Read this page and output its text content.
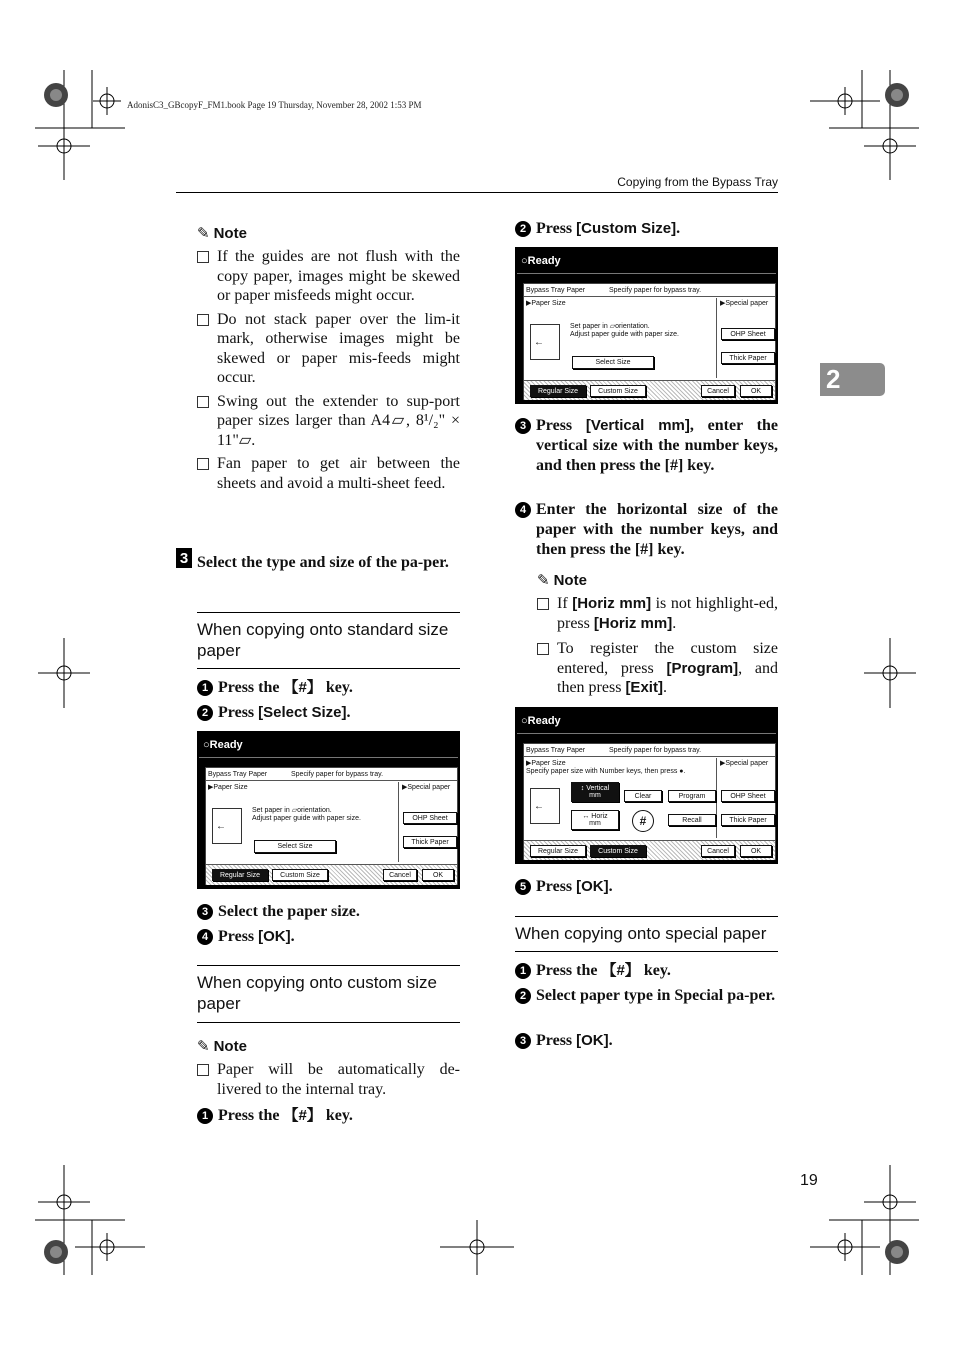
AdonisC3_GBcopyF_FM1.book Page 19 Thursday, November 28, 2002 1:53 PM
Copying from the Bypass Tray
2
✎ Note
If the guides are not flush with the copy paper, images might be skewed or paper misfeeds might occur.
Do not stack paper over the lim-it mark, otherwise images might be skewed or paper mis-feeds might occur.
Swing out the extender to sup-port paper sizes larger than A4▱, 8¹/₂" × 11"▱.
Fan paper to get air between the sheets and avoid a multi-sheet feed.
3 Select the type and size of the pa-per.
When copying onto standard size paper
1 Press the 【#】 key.
2 Press [Select Size].
○ Ready
Bypass Tray Paper	Specify paper for bypass tray.
▶Paper Size	▶Special paper
Set paper in ▱orientation.
Adjust paper guide with paper size.
←
Select Size
OHP Sheet
Thick Paper
Regular Size	Custom Size	Cancel	OK
3 Select the paper size.
4 Press [OK].
When copying onto custom size paper
✎ Note
Paper will be automatically de-livered to the internal tray.
1 Press the 【#】 key.
2 Press [Custom Size].
○ Ready
Bypass Tray Paper	Specify paper for bypass tray.
▶Paper Size	▶Special paper
Set paper in ▱orientation.
Adjust paper guide with paper size.
←
Select Size
OHP Sheet
Thick Paper
Regular Size	Custom Size	Cancel	OK
3 Press [Vertical mm], enter the vertical size with the number keys, and then press the [#] key.
4 Enter the horizontal size of the paper with the number keys, and then press the [#] key.
✎ Note
If [Horiz mm] is not highlight-ed, press [Horiz mm].
To register the custom size entered, press [Program], and then press [Exit].
○ Ready
Bypass Tray Paper	Specify paper for bypass tray.
▶Paper Size
Specify paper size with Number keys, then press ●.
▶Special paper
←
↕ Vertical
mm
↔ Horiz
mm
Clear	Program
#	Recall
OHP Sheet
Thick Paper
Regular Size	Custom Size	Cancel	OK
5 Press [OK].
When copying onto special paper
1 Press the 【#】 key.
2 Select paper type in Special pa-per.
3 Press [OK].
19
